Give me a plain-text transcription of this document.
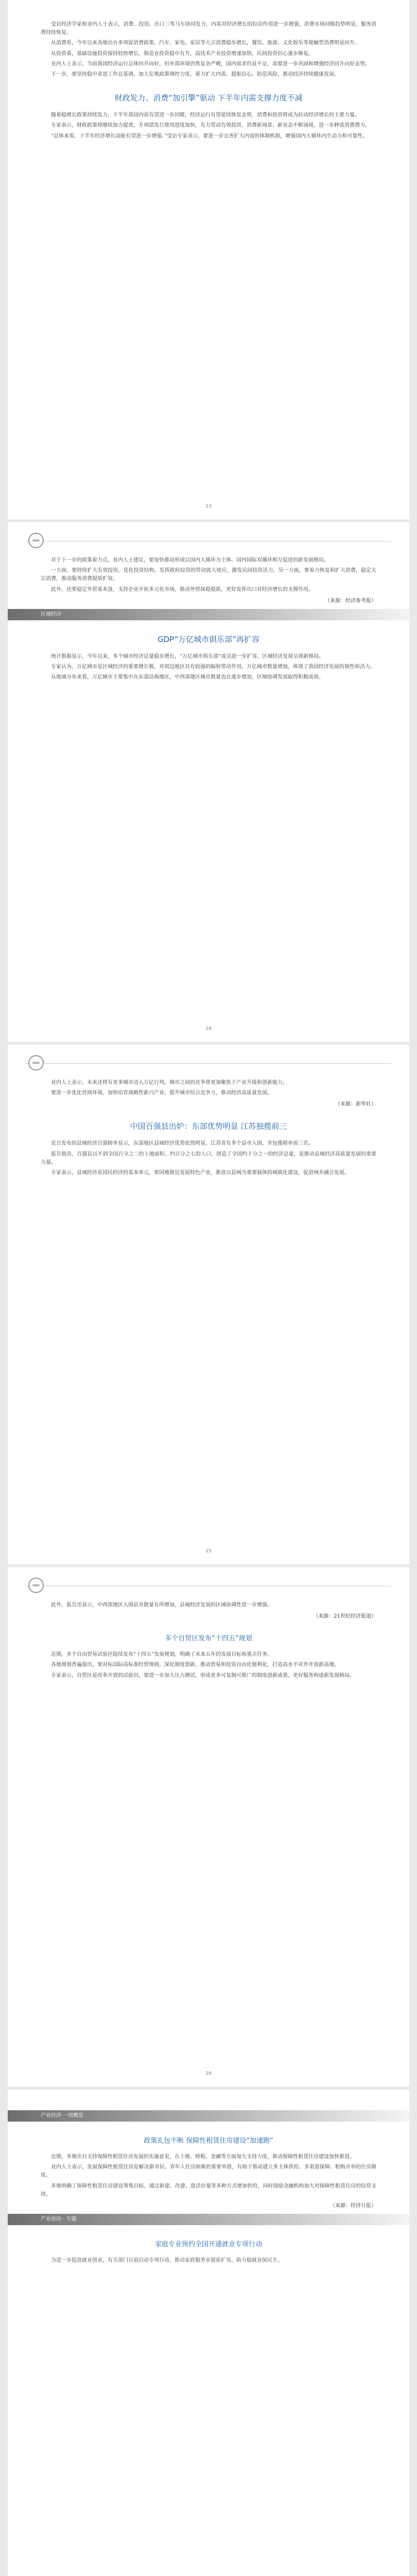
受访经济学家和业内人士表示，消费、投资、出口三驾马车协同发力，内需对经济增长的拉动作用进一步增强，消费市场回暖趋势明显，服务消费持续恢复。

从消费看，今年以来各地出台多项促消费政策，汽车、家电、家居等大宗消费稳步增长，餐饮、旅游、文化娱乐等接触型消费明显回升。

从投资看，基础设施投资保持较快增长，制造业投资稳中有升，高技术产业投资增速加快，民间投资信心逐步修复。

业内人士表示，当前我国经济运行总体回升向好，但外部环境仍然复杂严峻，国内需求仍显不足，需要进一步巩固和增强经济回升向好态势。

下一步，要坚持稳中求进工作总基调，加大宏观政策调控力度，着力扩大内需、提振信心、防范风险，推动经济持续健康发展。

财政发力、消费“加引擎”驱动 下半年内需支撑力度不减

随着稳增长政策持续发力，下半年我国内需有望进一步回暖，经济运行有望延续恢复态势，消费和投资将成为拉动经济增长的主要力量。

专家表示，财政政策将继续加力提效，专项债发行使用进度加快，有力带动有效投资，消费新场景、新业态不断涌现，进一步释放消费潜力。

“总体来看，下半年经济增长动能有望进一步增强。”受访专家表示，要进一步完善扩大内需的体制机制，增强国内大循环内生动力和可靠性。

13

对于下一步的政策着力点，业内人士建议，要加快推动形成以国内大循环为主体、国内国际双循环相互促进的新发展格局。

一方面，要持续扩大有效投资，优化投资结构，发挥政府投资的带动放大效应，激发民间投资活力。另一方面，要着力恢复和扩大消费，稳定大宗消费，推动服务消费提质扩容。

此外，还要稳定外贸基本盘，支持企业开拓多元化市场，推动外贸保稳提质，更好发挥出口对经济增长的支撑作用。

（来源：经济参考报）
区域经济
GDP“万亿城市俱乐部”再扩容

统计数据显示，今年以来，多个城市经济总量稳步增长，“万亿城市俱乐部”成员进一步扩容，区域经济发展呈现新格局。

专家认为，万亿城市是区域经济的重要增长极，对周边地区具有较强的辐射带动作用。万亿城市数量增加，体现了我国经济发展的韧性和活力。

从地域分布来看，万亿城市主要集中在东部沿海地区，中西部地区城市数量也在逐步增加，区域协调发展取得积极成效。

14

业内人士表示，未来还将有更多城市迈入万亿行列，城市之间的竞争将更加聚焦于产业升级和创新能力。

要进一步优化营商环境，加快培育战略性新兴产业，提升城市综合竞争力，推动经济高质量发展。

（来源：新华社）
中国百强县出炉：东部优势明显 江苏独揽前三

近日发布的县域经济百强榜单显示，东部地区县域经济优势依然明显，江苏省有多个县市入围，并包揽榜单前三名。

报告指出，百强县以不到全国百分之二的土地面积、约百分之七的人口，创造了全国约十分之一的经济总量，是推动县域经济高质量发展的重要力量。

专家表示，县域经济是国民经济的基本单元，要因地制宜发展特色产业，推进以县城为重要载体的城镇化建设，促进城乡融合发展。

15

此外，报告还显示，中西部地区入围县市数量有所增加，县域经济发展的区域协调性进一步增强。

（来源：21世纪经济报道）
多个自贸区发布“十四五”规划

近期，多个自由贸易试验区陆续发布“十四五”发展规划，明确了未来五年的发展目标和重点任务。

各地规划普遍提出，要对标国际高标准经贸规则，深化制度创新，推动贸易和投资自由化便利化，打造高水平对外开放新高地。

专家表示，自贸区是改革开放的试验田，要进一步加大压力测试，形成更多可复制可推广的制度创新成果，更好服务构建新发展格局。

16
产业经济·一周概览
政策礼包不断 保障性租赁住房建设“加速跑”

近期，多地出台支持保障性租赁住房发展的实施意见，在土地、财税、金融等方面加大支持力度，推动保障性租赁住房建设加快推进。

业内人士表示，发展保障性租赁住房是解决新市民、青年人住房困难的重要举措，有助于推动建立多主体供给、多渠道保障、租购并举的住房制度。

多地明确了保障性租赁住房建设筹集目标，通过新建、改建、盘活存量等多种方式增加供给，同时鼓励金融机构加大对保障性租赁住房的信贷支持。

（来源：经济日报）
产业前沿 · 专题
家庭专业预约全国开通就业专项行动

为进一步促进就业创业，有关部门日前启动专项行动，推动家政服务业提质扩容，助力稳就业保民生。
